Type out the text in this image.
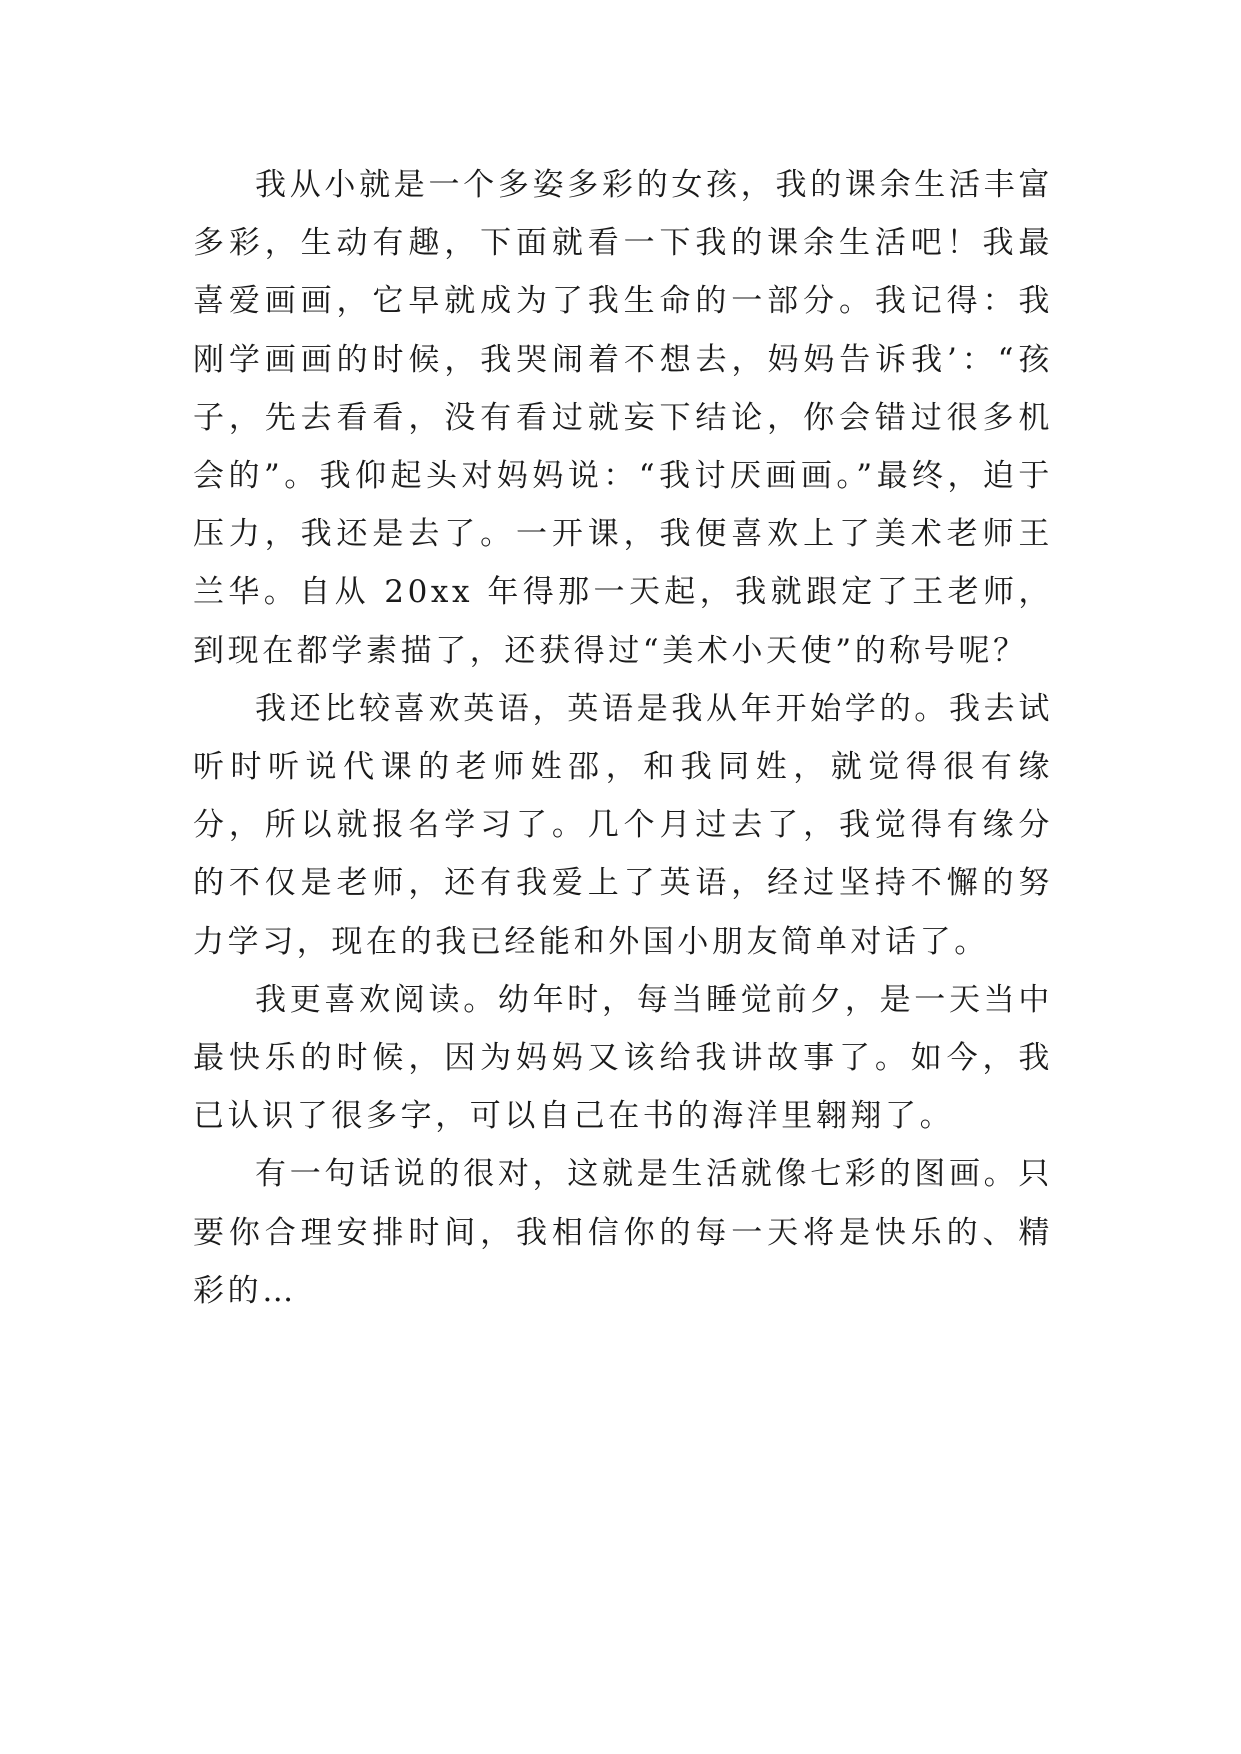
我从小就是一个多姿多彩的女孩，我的课余生活丰富多彩，生动有趣，下面就看一下我的课余生活吧！我最喜爱画画，它早就成为了我生命的一部分。我记得：我刚学画画的时候，我哭闹着不想去，妈妈告诉我’：“孩子，先去看看，没有看过就妄下结论，你会错过很多机会的”。我仰起头对妈妈说：“我讨厌画画。”最终，迫于压力，我还是去了。一开课，我便喜欢上了美术老师王兰华。自从 20xx 年得那一天起，我就跟定了王老师，到现在都学素描了，还获得过“美术小天使”的称号呢？

我还比较喜欢英语，英语是我从年开始学的。我去试听时听说代课的老师姓邵，和我同姓，就觉得很有缘分，所以就报名学习了。几个月过去了，我觉得有缘分的不仅是老师，还有我爱上了英语，经过坚持不懈的努力学习，现在的我已经能和外国小朋友简单对话了。

我更喜欢阅读。幼年时，每当睡觉前夕，是一天当中最快乐的时候，因为妈妈又该给我讲故事了。如今，我已认识了很多字，可以自己在书的海洋里翱翔了。

有一句话说的很对，这就是生活就像七彩的图画。只要你合理安排时间，我相信你的每一天将是快乐的、精彩的…
